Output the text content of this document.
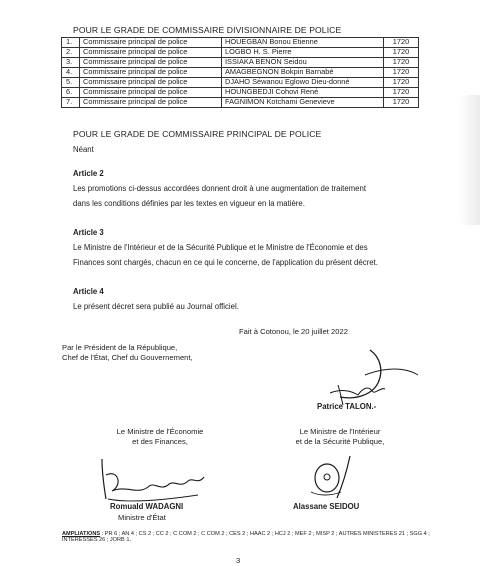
POUR LE GRADE DE COMMISSAIRE DIVISIONNAIRE DE POLICE
1.	Commissaire principal de police	HOUEGBAN Bonou Etienne	1720
2.	Commissaire principal de police	LOGBO H. S. Pierre	1720
3.	Commissaire principal de police	ISSIAKA BENON Seidou	1720
4.	Commissaire principal de police	AMAGBEGNON Bokpin Barnabé	1720
5.	Commissaire principal de police	DJAHO Séwanou Eglowo Dieu-donné	1720
6.	Commissaire principal de police	HOUNGBEDJI Cohovi René	1720
7.	Commissaire principal de police	FAGNIMON Kotchami Genevieve	1720
POUR LE GRADE DE COMMISSAIRE PRINCIPAL DE POLICE
Néant
Article 2
Les promotions ci-dessus accordées donnent droit à une augmentation de traitement
dans les conditions définies par les textes en vigueur en la matière.
Article 3
Le Ministre de l'Intérieur et de la Sécurité Publique et le Ministre de l'Économie et des
Finances sont chargés, chacun en ce qui le concerne, de l'application du présent décret.
Article 4
Le présent décret sera publié au Journal officiel.
Fait à Cotonou, le 20 juillet 2022
Par le Président de la République,
Chef de l'État, Chef du Gouvernement,
Patrice TALON.-
Le Ministre de l'Économie
et des Finances,
Le Ministre de l'Intérieur
et de la Sécurité Publique,
Romuald WADAGNI
Ministre d'État
Alassane SEIDOU
AMPLIATIONS : PR 6 ; AN 4 ; CS 2 ; CC 2 ; C COM 2 ; C COM 2 ; CES 2 ; HAAC 2 ; HCJ 2 ; MEF 2 ; MISP 2 ; AUTRES MINISTERES 21 ; SGG 4 ; INTERESSES 26 ; JORB 1.
3
